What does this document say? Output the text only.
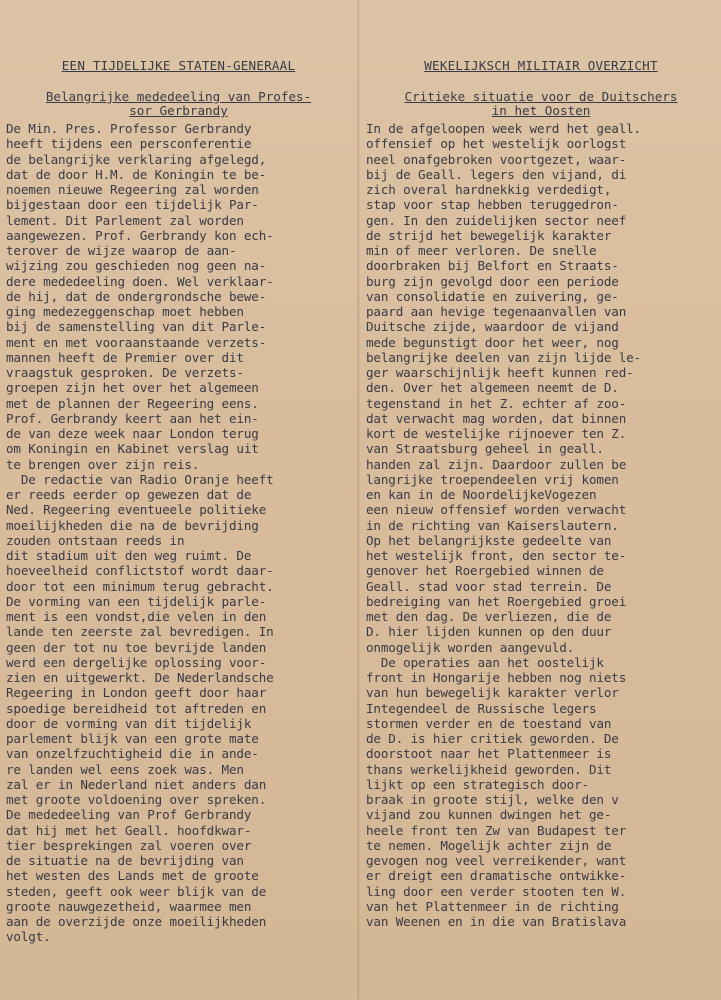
EEN TIJDELIJKE STATEN-GENERAAL
Belangrijke mededeeling van Profes-
sor Gerbrandy

De Min. Pres. Professor Gerbrandy
heeft tijdens een persconferentie
de belangrijke verklaring afgelegd,
dat de door H.M. de Koningin te be-
noemen nieuwe Regeering zal worden
bijgestaan door een tijdelijk Par-
lement. Dit Parlement zal worden
aangewezen. Prof. Gerbrandy kon ech-
terover de wijze waarop de aan-
wijzing zou geschieden nog geen na-
dere mededeeling doen. Wel verklaar-
de hij, dat de ondergrondsche bewe-
ging medezeggenschap moet hebben
bij de samenstelling van dit Parle-
ment en met vooraanstaande verzets-
mannen heeft de Premier over dit
vraagstuk gesproken. De verzets-
groepen zijn het over het algemeen
met de plannen der Regeering eens.
Prof. Gerbrandy keert aan het ein-
de van deze week naar London terug
om Koningin en Kabinet verslag uit
te brengen over zijn reis.
De redactie van Radio Oranje heeft
er reeds eerder op gewezen dat de
Ned. Regeering eventueele politieke
moeilijkheden die na de bevrijding
zouden ontstaan reeds in
dit stadium uit den weg ruimt. De
hoeveelheid conflictstof wordt daar-
door tot een minimum terug gebracht.
De vorming van een tijdelijk parle-
ment is een vondst,die velen in den
lande ten zeerste zal bevredigen. In
geen der tot nu toe bevrijde landen
werd een dergelijke oplossing voor-
zien en uitgewerkt. De Nederlandsche
Regeering in London geeft door haar
spoedige bereidheid tot aftreden en
door de vorming van dit tijdelijk
parlement blijk van een grote mate
van onzelfzuchtigheid die in ande-
re landen wel eens zoek was. Men
zal er in Nederland niet anders dan
met groote voldoening over spreken.
De mededeeling van Prof Gerbrandy
dat hij met het Geall. hoofdkwar-
tier besprekingen zal voeren over
de situatie na de bevrijding van
het westen des Lands met de groote
steden, geeft ook weer blijk van de
groote nauwgezetheid, waarmee men
aan de overzijde onze moeilijkheden
volgt.

WEKELIJKSCH MILITAIR OVERZICHT
Critieke situatie voor de Duitschers
in het Oosten

In de afgeloopen week werd het geall.
offensief op het westelijk oorlogst
neel onafgebroken voortgezet, waar-
bij de Geall. legers den vijand, di
zich overal hardnekkig verdedigt,
stap voor stap hebben teruggedron-
gen. In den zuidelijken sector neef
de strijd het bewegelijk karakter
min of meer verloren. De snelle
doorbraken bij Belfort en Straats-
burg zijn gevolgd door een periode
van consolidatie en zuivering, ge-
paard aan hevige tegenaanvallen van
Duitsche zijde, waardoor de vijand
mede begunstigt door het weer, nog
belangrijke deelen van zijn lijde le-
ger waarschijnlijk heeft kunnen red-
den. Over het algemeen neemt de D.
tegenstand in het Z. echter af zoo-
dat verwacht mag worden, dat binnen
kort de westelijke rijnoever ten Z.
van Straatsburg geheel in geall.
handen zal zijn. Daardoor zullen be
langrijke troependeelen vrij komen
en kan in de NoordelijkeVogezen
een nieuw offensief worden verwacht
in de richting van Kaiserslautern.
Op het belangrijkste gedeelte van
het westelijk front, den sector te-
genover het Roergebied winnen de
Geall. stad voor stad terrein. De
bedreiging van het Roergebied groei
met den dag. De verliezen, die de
D. hier lijden kunnen op den duur
onmogelijk worden aangevuld.
De operaties aan het oostelijk
front in Hongarije hebben nog niets
van hun bewegelijk karakter verlor
Integendeel de Russische legers
stormen verder en de toestand van
de D. is hier critiek geworden. De
doorstoot naar het Plattenmeer is
thans werkelijkheid geworden. Dit
lijkt op een strategisch door-
braak in groote stijl, welke den v
vijand zou kunnen dwingen het ge-
heele front ten Zw van Budapest ter
te nemen. Mogelijk achter zijn de
gevogen nog veel verreikender, want
er dreigt een dramatische ontwikke-
ling door een verder stooten ten W.
van het Plattenmeer in de richting
van Weenen en in die van Bratislava
